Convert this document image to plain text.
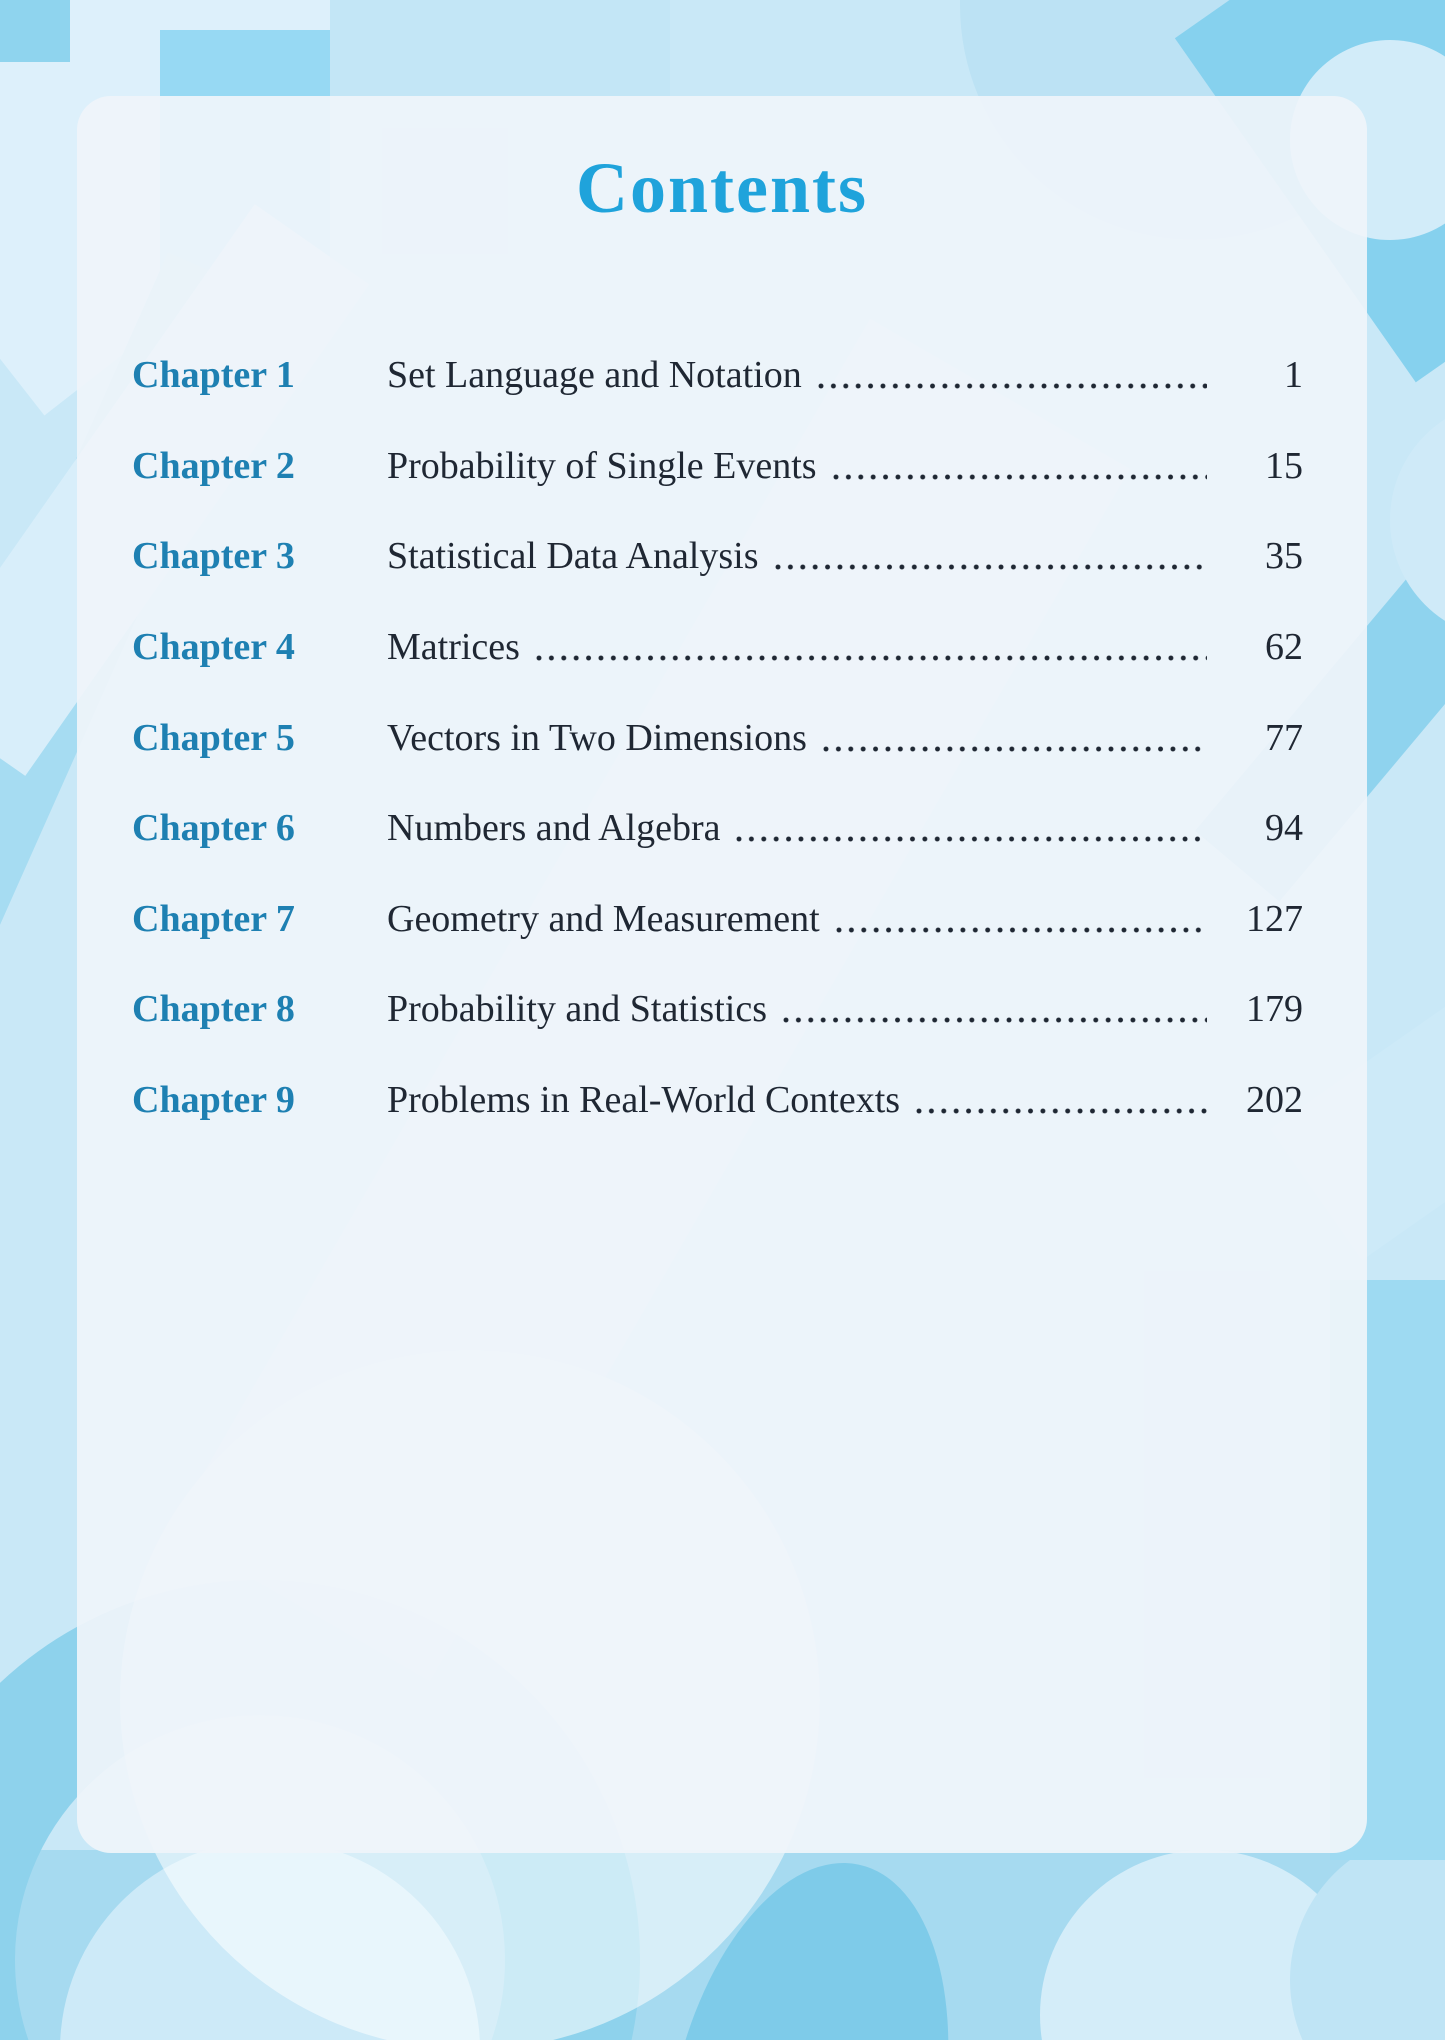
Contents
Chapter 1	Set Language and Notation	1
Chapter 2	Probability of Single Events	15
Chapter 3	Statistical Data Analysis	35
Chapter 4	Matrices	62
Chapter 5	Vectors in Two Dimensions	77
Chapter 6	Numbers and Algebra	94
Chapter 7	Geometry and Measurement	127
Chapter 8	Probability and Statistics	179
Chapter 9	Problems in Real-World Contexts	202
